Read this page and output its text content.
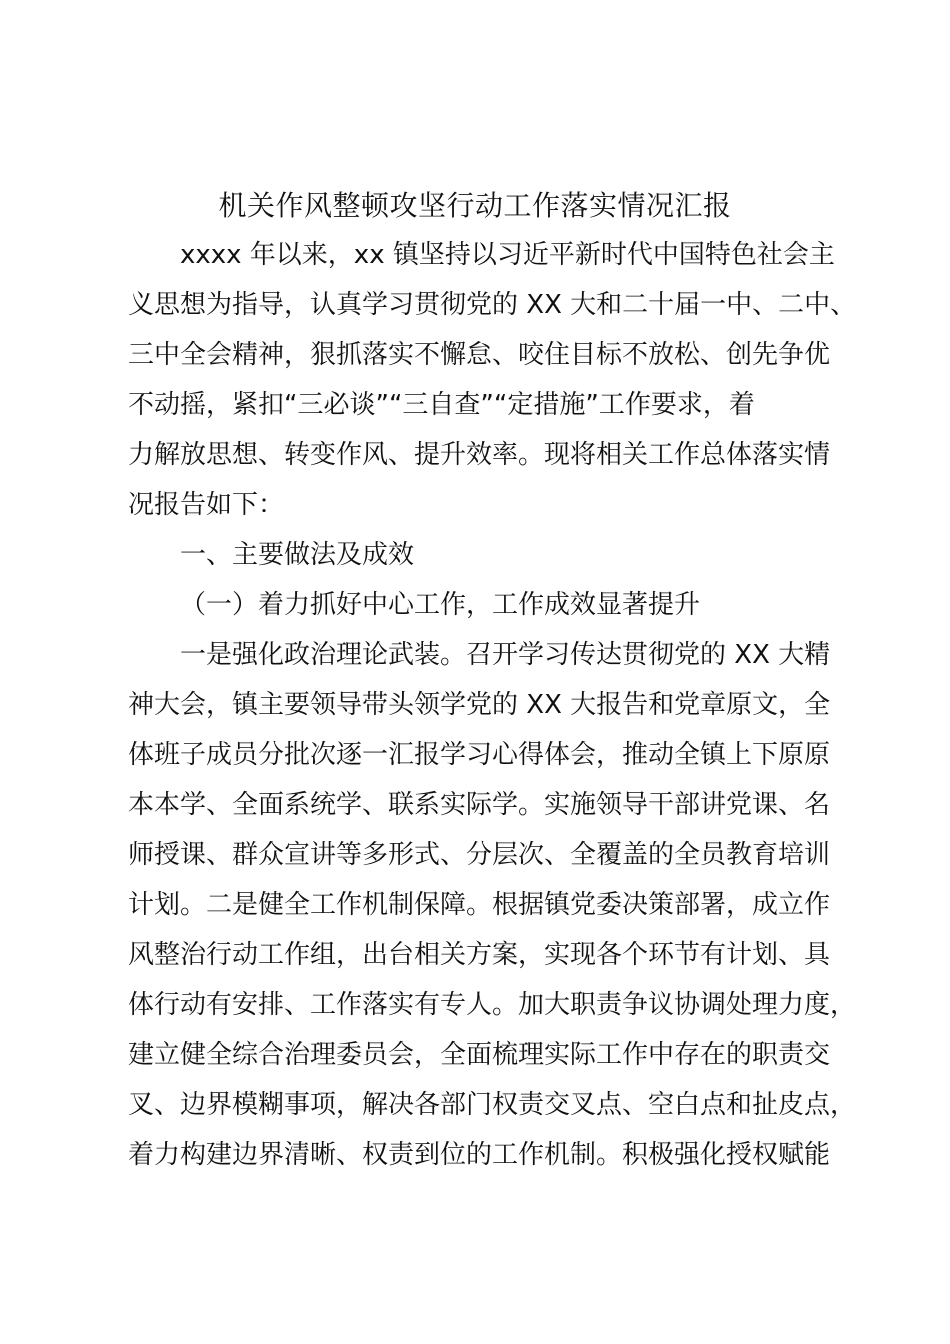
机关作风整顿攻坚行动工作落实情况汇报

xxxx 年以来，xx 镇坚持以习近平新时代中国特色社会主

义思想为指导，认真学习贯彻党的 XX 大和二十届一中、二中、

三中全会精神，狠抓落实不懈怠、咬住目标不放松、创先争优

不动摇，紧扣“三必谈”“三自查”“定措施”工作要求，着

力解放思想、转变作风、提升效率。现将相关工作总体落实情

况报告如下：

一、主要做法及成效

（一）着力抓好中心工作，工作成效显著提升

一是强化政治理论武装。召开学习传达贯彻党的 XX 大精

神大会，镇主要领导带头领学党的 XX 大报告和党章原文，全

体班子成员分批次逐一汇报学习心得体会，推动全镇上下原原

本本学、全面系统学、联系实际学。实施领导干部讲党课、名

师授课、群众宣讲等多形式、分层次、全覆盖的全员教育培训

计划。二是健全工作机制保障。根据镇党委决策部署，成立作

风整治行动工作组，出台相关方案，实现各个环节有计划、具

体行动有安排、工作落实有专人。加大职责争议协调处理力度，

建立健全综合治理委员会，全面梳理实际工作中存在的职责交

叉、边界模糊事项，解决各部门权责交叉点、空白点和扯皮点，

着力构建边界清晰、权责到位的工作机制。积极强化授权赋能
